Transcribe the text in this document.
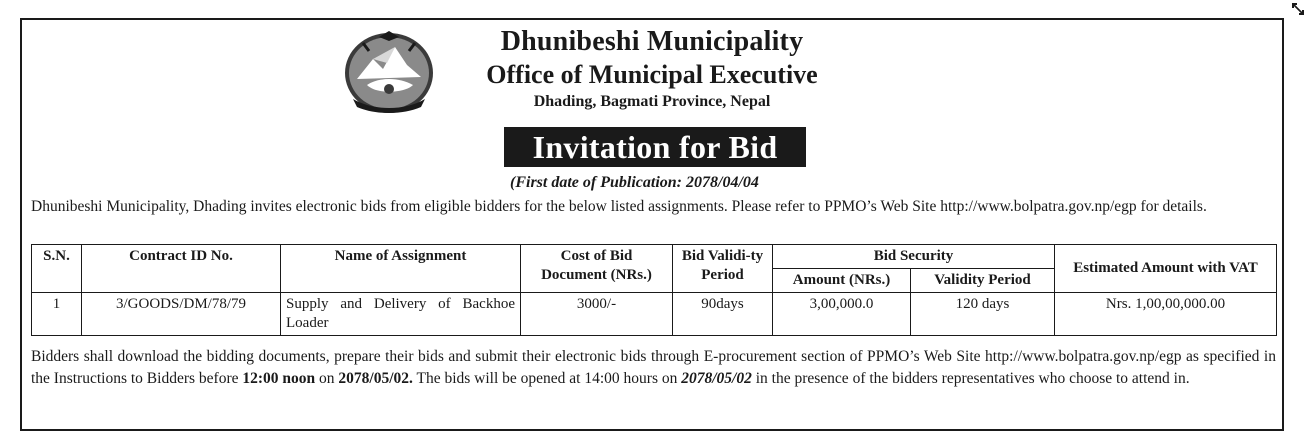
Dhunibeshi Municipality
Office of Municipal Executive
Dhading, Bagmati Province, Nepal
Invitation for Bid
(First date of Publication: 2078/04/04
Dhunibeshi Municipality, Dhading invites electronic bids from eligible bidders for the below listed assignments. Please refer to PPMO’s Web Site http://www.bolpatra.gov.np/egp for details.
S.N.	Contract ID No.	Name of Assignment	Cost of Bid Document (NRs.)	Bid Validi-ty Period	Bid Security		Estimated Amount with VAT
					Amount (NRs.)	Validity Period	
1	3/GOODS/DM/78/79	Supply and Delivery of Backhoe Loader	3000/-	90days	3,00,000.0	120 days	Nrs. 1,00,00,000.00
Bidders shall download the bidding documents, prepare their bids and submit their electronic bids through E-procurement section of PPMO’s Web Site http://www.bolpatra.gov.np/egp as specified in the Instructions to Bidders before 12:00 noon on 2078/05/02. The bids will be opened at 14:00 hours on 2078/05/02 in the presence of the bidders representatives who choose to attend in.
